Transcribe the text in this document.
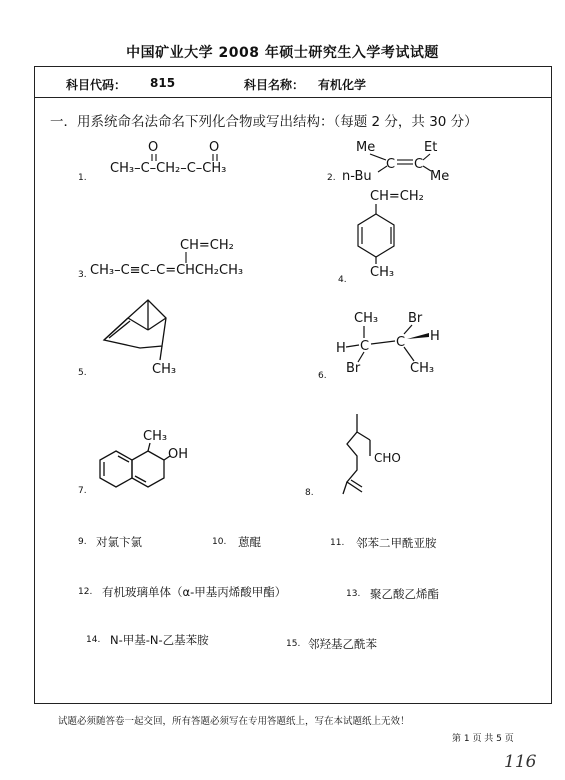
中国矿业大学 2008 年硕士研究生入学考试试题
科目代码： 815	科目名称： 有机化学
一．用系统命名法命名下列化合物或写出结构：（每题 2 分，共 30 分）
1.
CH₃–C–CH₂–C–CH₃
O	O
2.
Me	Et
n-Bu	Me
C C
3.
CH=CH₂
CH₃–C≡C–C=CHCH₂CH₃
4.
CH=CH₂
CH₃
5.	CH₃	6.
CH₃ Br
H
H
Br	CH₃
C C
7.
CH₃
OH
8.
CHO
9. 对氯卞氯	10. 蒽醌	11. 邻苯二甲酰亚胺
12. 有机玻璃单体（α-甲基丙烯酸甲酯）	13. 聚乙酸乙烯酯
14. N-甲基-N-乙基苯胺	15. 邻羟基乙酰苯
试题必须随答卷一起交回，所有答题必须写在专用答题纸上，写在本试题纸上无效！
第 1 页 共 5 页
116
